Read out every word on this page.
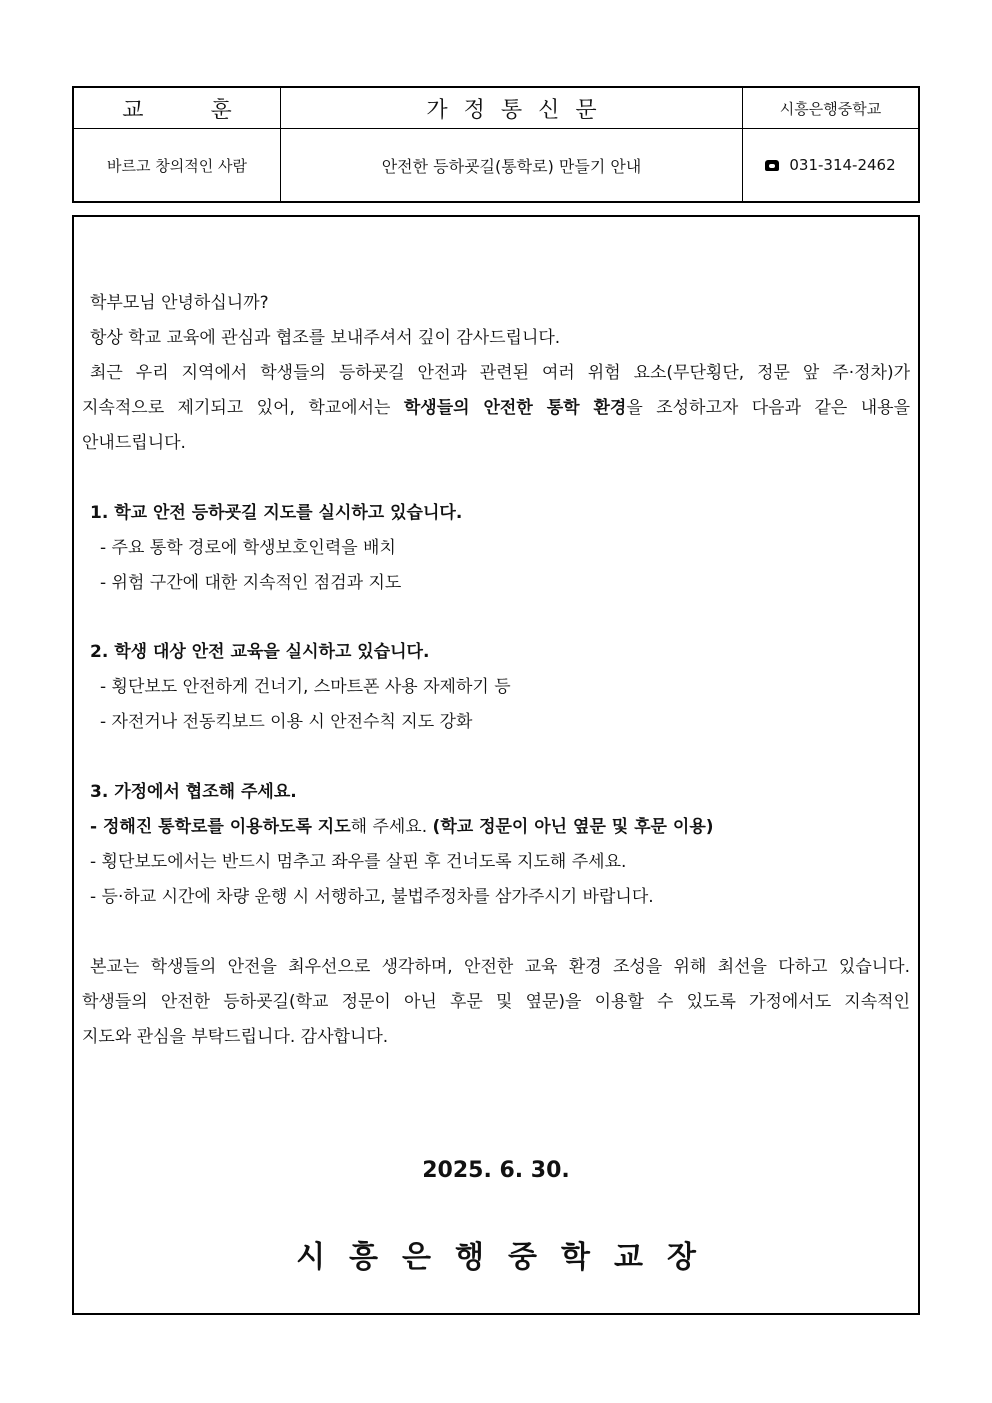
교 훈	가정통신문	시흥은행중학교
바르고 창의적인 사람	안전한 등하굣길(통학로) 만들기 안내	031-314-2462
학부모님 안녕하십니까?
항상 학교 교육에 관심과 협조를 보내주셔서 깊이 감사드립니다.
최근 우리 지역에서 학생들의 등하굣길 안전과 관련된 여러 위험 요소(무단횡단, 정문 앞 주·정차)가
지속적으로 제기되고 있어, 학교에서는 학생들의 안전한 통학 환경을 조성하고자 다음과 같은 내용을
안내드립니다.
1. 학교 안전 등하굣길 지도를 실시하고 있습니다.
- 주요 통학 경로에 학생보호인력을 배치
- 위험 구간에 대한 지속적인 점검과 지도
2. 학생 대상 안전 교육을 실시하고 있습니다.
- 횡단보도 안전하게 건너기, 스마트폰 사용 자제하기 등
- 자전거나 전동킥보드 이용 시 안전수칙 지도 강화
3. 가정에서 협조해 주세요.
- 정해진 통학로를 이용하도록 지도해 주세요. (학교 정문이 아닌 옆문 및 후문 이용)
- 횡단보도에서는 반드시 멈추고 좌우를 살핀 후 건너도록 지도해 주세요.
- 등·하교 시간에 차량 운행 시 서행하고, 불법주정차를 삼가주시기 바랍니다.
본교는 학생들의 안전을 최우선으로 생각하며, 안전한 교육 환경 조성을 위해 최선을 다하고 있습니다.
학생들의 안전한 등하굣길(학교 정문이 아닌 후문 및 옆문)을 이용할 수 있도록 가정에서도 지속적인
지도와 관심을 부탁드립니다. 감사합니다.
2025. 6. 30.
시흥은행중학교장
